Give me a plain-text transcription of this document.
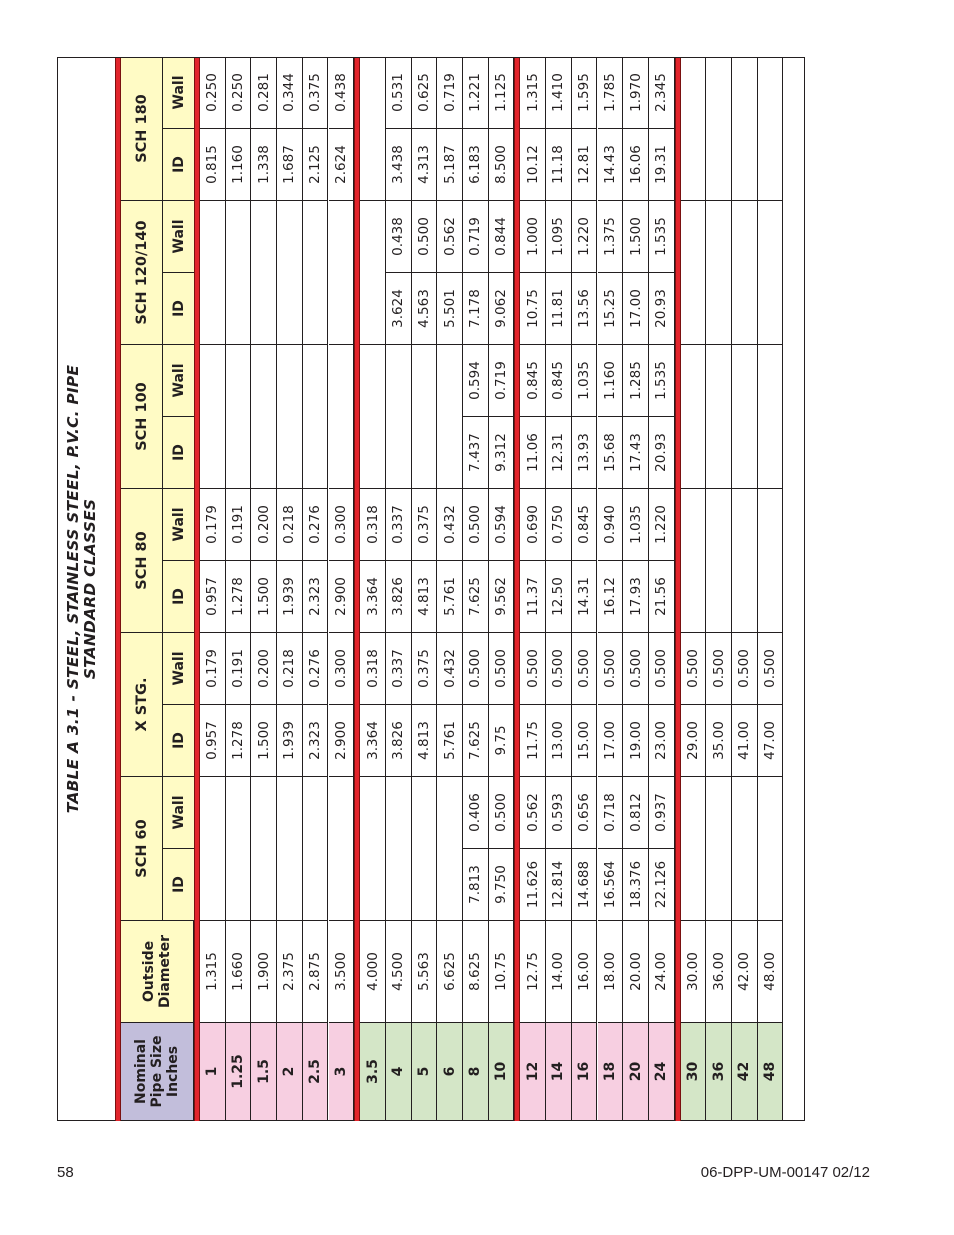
TABLE A 3.1 - STEEL, STAINLESS STEEL, P.V.C. PIPE STANDARD CLASSES
Nominal Pipe Size Inches
Outside Diameter
SCH 60
ID
Wall
X STG.
ID
Wall
SCH 80
ID
Wall
SCH 100
ID
Wall
SCH 120/140	ID
Wall
SCH 180
ID
Wall
1
1.315
0.957
0.179
0.957
0.179
0.815
0.250
1.25
1.660
1.278
0.191
1.278
0.191
1.160
0.250
1.5
1.900
1.500
0.200
1.500
0.200
1.338
0.281
2
2.375
1.939
0.218
1.939
0.218
1.687
0.344
2.5
2.875
2.323
0.276
2.323
0.276
2.125
0.375
3
3.500
2.900
0.300
2.900
0.300
2.624
0.438
3.5
4.000
3.364
0.318
3.364
0.318
4
4.500
3.826
0.337
3.826
0.337
3.624
0.438
3.438
0.531
5
5.563
4.813
0.375
4.813
0.375
4.563
0.500
4.313
0.625
6
6.625
5.761
0.432
5.761
0.432
5.501
0.562
5.187
0.719
8
8.625
7.813
0.406
7.625
0.500
7.625
0.500
7.437
0.594
7.178
0.719
6.183
1.221
10
10.75
9.750
0.500
9.75
0.500
9.562
0.594
9.312
0.719
9.062
0.844
8.500
1.125
12
12.75
11.626
0.562
11.75
0.500
11.37
0.690
11.06
0.845
10.75
1.000
10.12
1.315
14
14.00
12.814
0.593
13.00
0.500
12.50
0.750
12.31
0.845
11.81
1.095
11.18
1.410
16
16.00
14.688
0.656
15.00
0.500
14.31
0.845
13.93
1.035
13.56
1.220
12.81
1.595
18
18.00
16.564
0.718
17.00
0.500
16.12
0.940
15.68
1.160
15.25
1.375
14.43
1.785
20
20.00
18.376
0.812
19.00
0.500
17.93
1.035
17.43
1.285
17.00
1.500
16.06
1.970
24
24.00
22.126
0.937
23.00
0.500
21.56
1.220
20.93
1.535
20.93
1.535
19.31
2.345
30
30.00
29.00
0.500
36
36.00
35.00
0.500
42
42.00
41.00
0.500
48
48.00
47.00
0.500
58	06-DPP-UM-00147 02/12
